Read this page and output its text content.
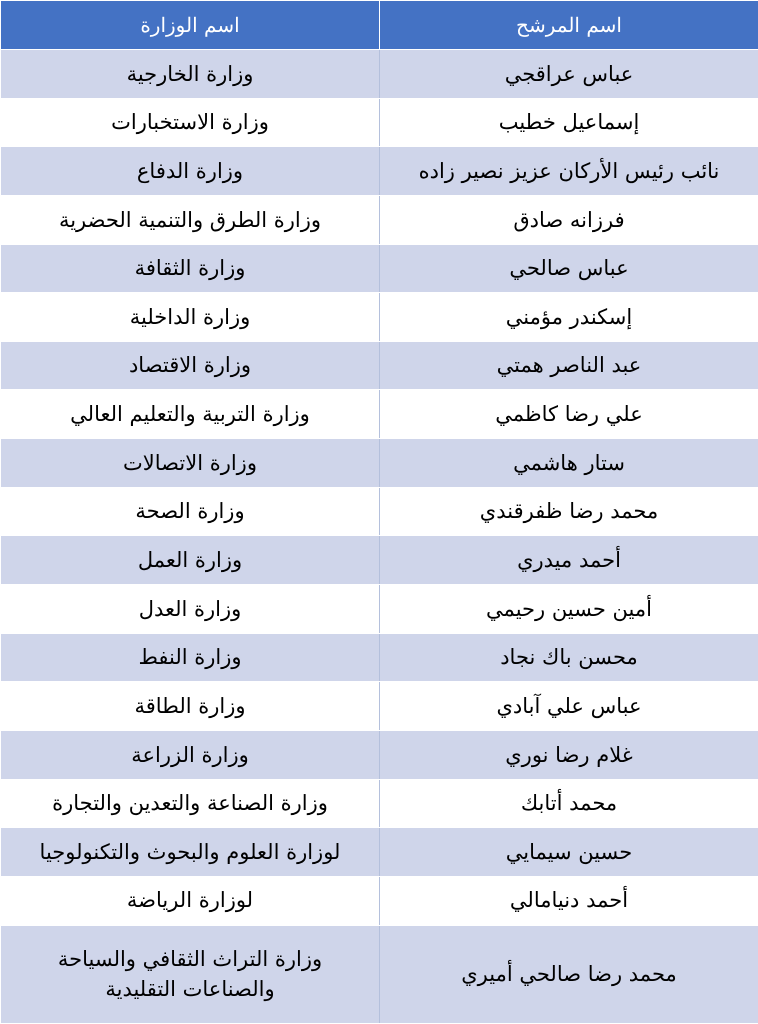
اسم المرشح	اسم الوزارة
عباس عراقجي	وزارة الخارجية
إسماعيل خطيب	وزارة الاستخبارات
نائب رئيس الأركان عزيز نصير زاده	وزارة الدفاع
فرزانه صادق	وزارة الطرق والتنمية الحضرية
عباس صالحي	وزارة الثقافة
إسكندر مؤمني	وزارة الداخلية
عبد الناصر همتي	وزارة الاقتصاد
علي رضا كاظمي	وزارة التربية والتعليم العالي
ستار هاشمي	وزارة الاتصالات
محمد رضا ظفرقندي	وزارة الصحة
أحمد ميدري	وزارة العمل
أمين حسين رحيمي	وزارة العدل
محسن باك نجاد	وزارة النفط
عباس علي آبادي	وزارة الطاقة
غلام رضا نوري	وزارة الزراعة
محمد أتابك	وزارة الصناعة والتعدين والتجارة
حسين سيمايي	لوزارة العلوم والبحوث والتكنولوجيا
أحمد دنيامالي	لوزارة الرياضة
محمد رضا صالحي أميري	وزارة التراث الثقافي والسياحة والصناعات التقليدية
